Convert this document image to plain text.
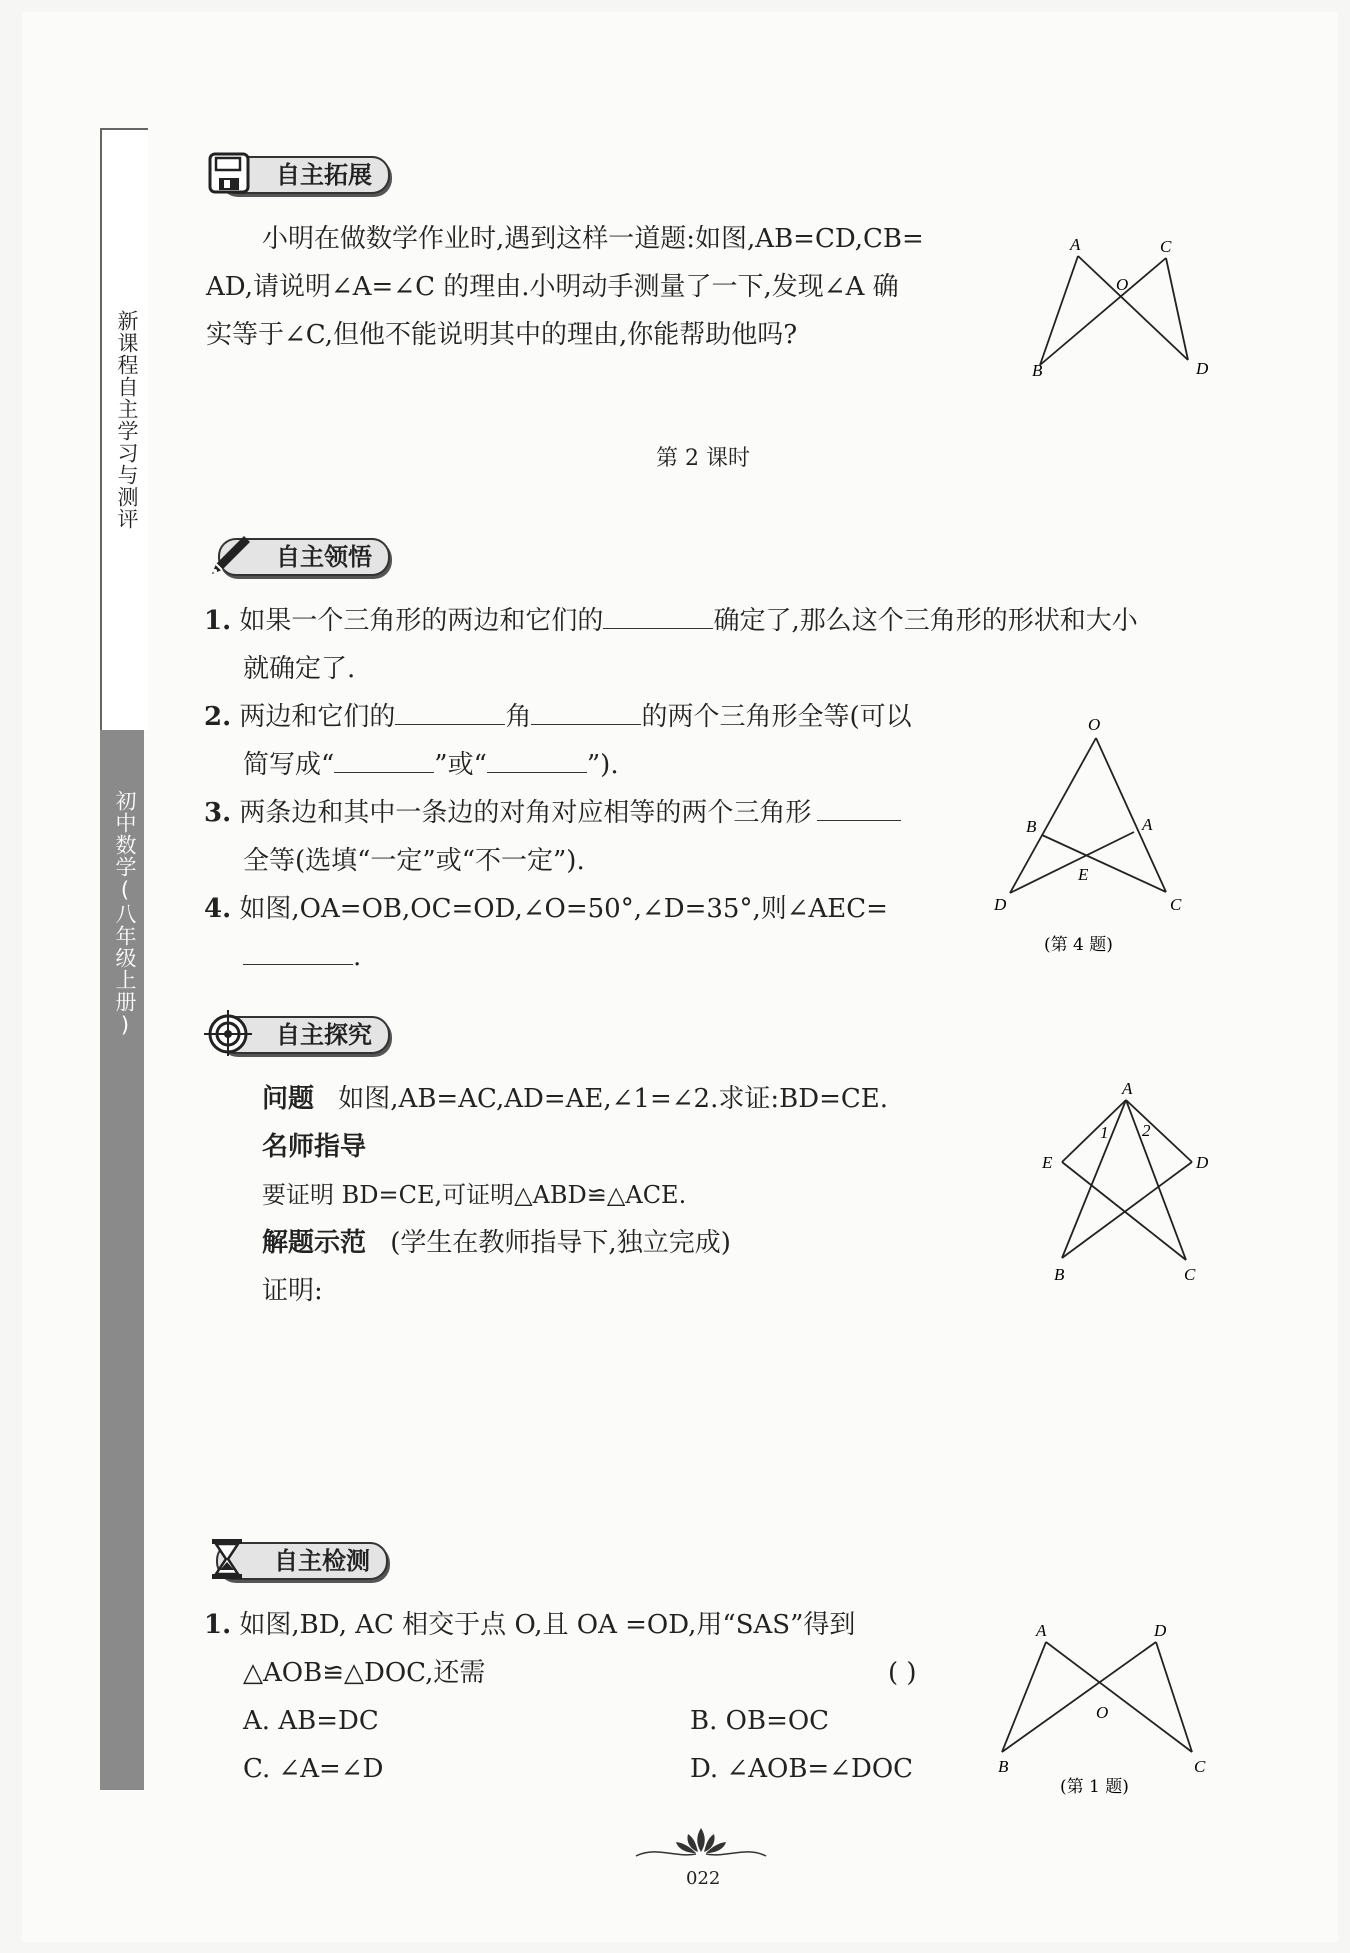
新课程自主学习与测评
初中数学(八年级上册)
自主拓展
小明在做数学作业时,遇到这样一道题:如图,AB=CD,CB=
AD,请说明∠A=∠C 的理由.小明动手测量了一下,发现∠A 确
实等于∠C,但他不能说明其中的理由,你能帮助他吗?
A	C
O
B	D
第 2 课时
自主领悟
1. 如果一个三角形的两边和它们的	确定了,那么这个三角形的形状和大小
就确定了.
2. 两边和它们的	角	的两个三角形全等(可以
简写成“	”或“	”).
3. 两条边和其中一条边的对角对应相等的两个三角形
全等(选填“一定”或“不一定”).
4. 如图,OA=OB,OC=OD,∠O=50°,∠D=35°,则∠AEC=
.
O
B	A
E
D	C
(第 4 题)
自主探究
问题 如图,AB=AC,AD=AE,∠1=∠2.求证:BD=CE.
名师指导
要证明 BD=CE,可证明△ABD≌△ACE.
解题示范 (学生在教师指导下,独立完成)
证明:
A
1 2
E	D
B	C
自主检测
1. 如图,BD, AC 相交于点 O,且 OA =OD,用“SAS”得到
△AOB≌△DOC,还需	( )
A. AB=DC	B. OB=OC
C. ∠A=∠D	D. ∠AOB=∠DOC
A	D
O
B	C
(第 1 题)
022
